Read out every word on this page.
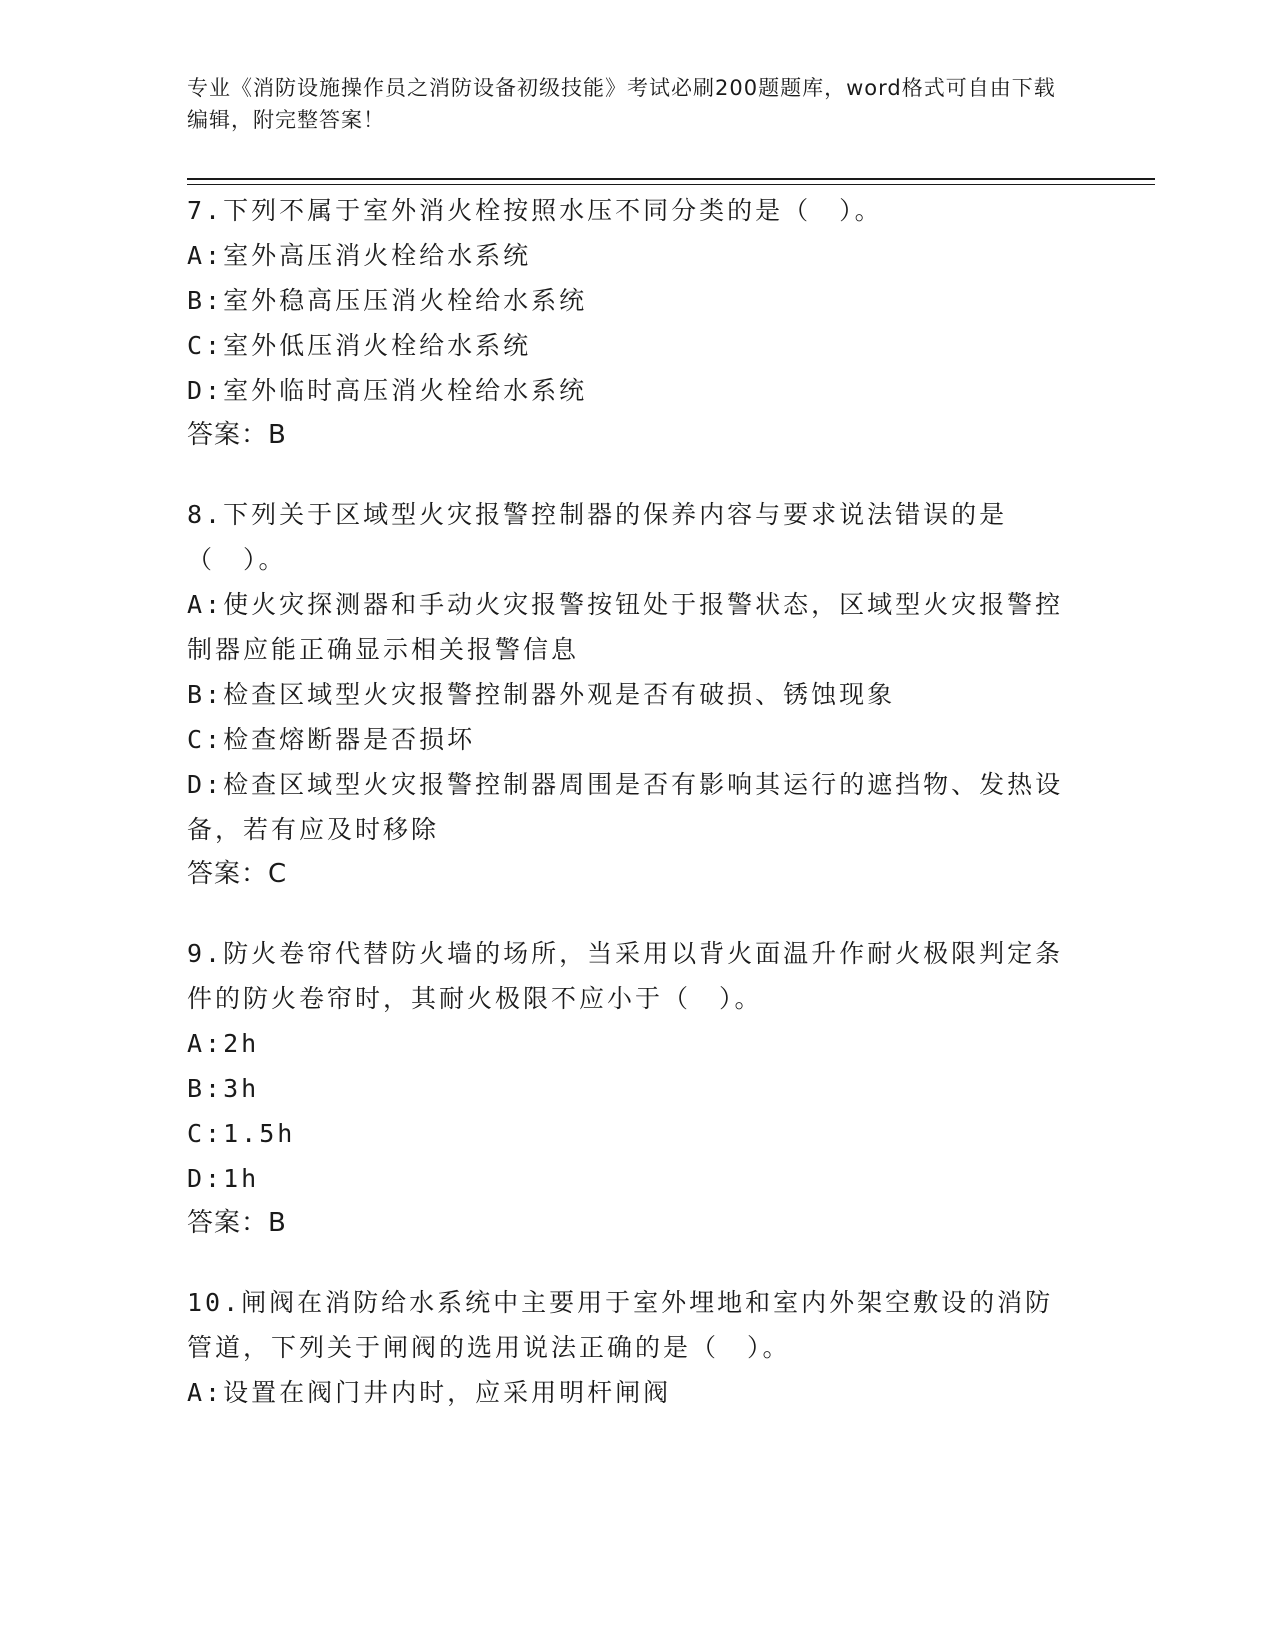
专业《消防设施操作员之消防设备初级技能》考试必刷200题题库，word格式可自由下载编辑，附完整答案！
7.下列不属于室外消火栓按照水压不同分类的是（　）。
A:室外高压消火栓给水系统
B:室外稳高压压消火栓给水系统
C:室外低压消火栓给水系统
D:室外临时高压消火栓给水系统
答案：B
8.下列关于区域型火灾报警控制器的保养内容与要求说法错误的是（　）。
A:使火灾探测器和手动火灾报警按钮处于报警状态，区域型火灾报警控制器应能正确显示相关报警信息
B:检查区域型火灾报警控制器外观是否有破损、锈蚀现象
C:检查熔断器是否损坏
D:检查区域型火灾报警控制器周围是否有影响其运行的遮挡物、发热设备，若有应及时移除
答案：C
9.防火卷帘代替防火墙的场所，当采用以背火面温升作耐火极限判定条件的防火卷帘时，其耐火极限不应小于（　）。
A:2h
B:3h
C:1.5h
D:1h
答案：B
10.闸阀在消防给水系统中主要用于室外埋地和室内外架空敷设的消防管道，下列关于闸阀的选用说法正确的是（　）。
A:设置在阀门井内时，应采用明杆闸阀
